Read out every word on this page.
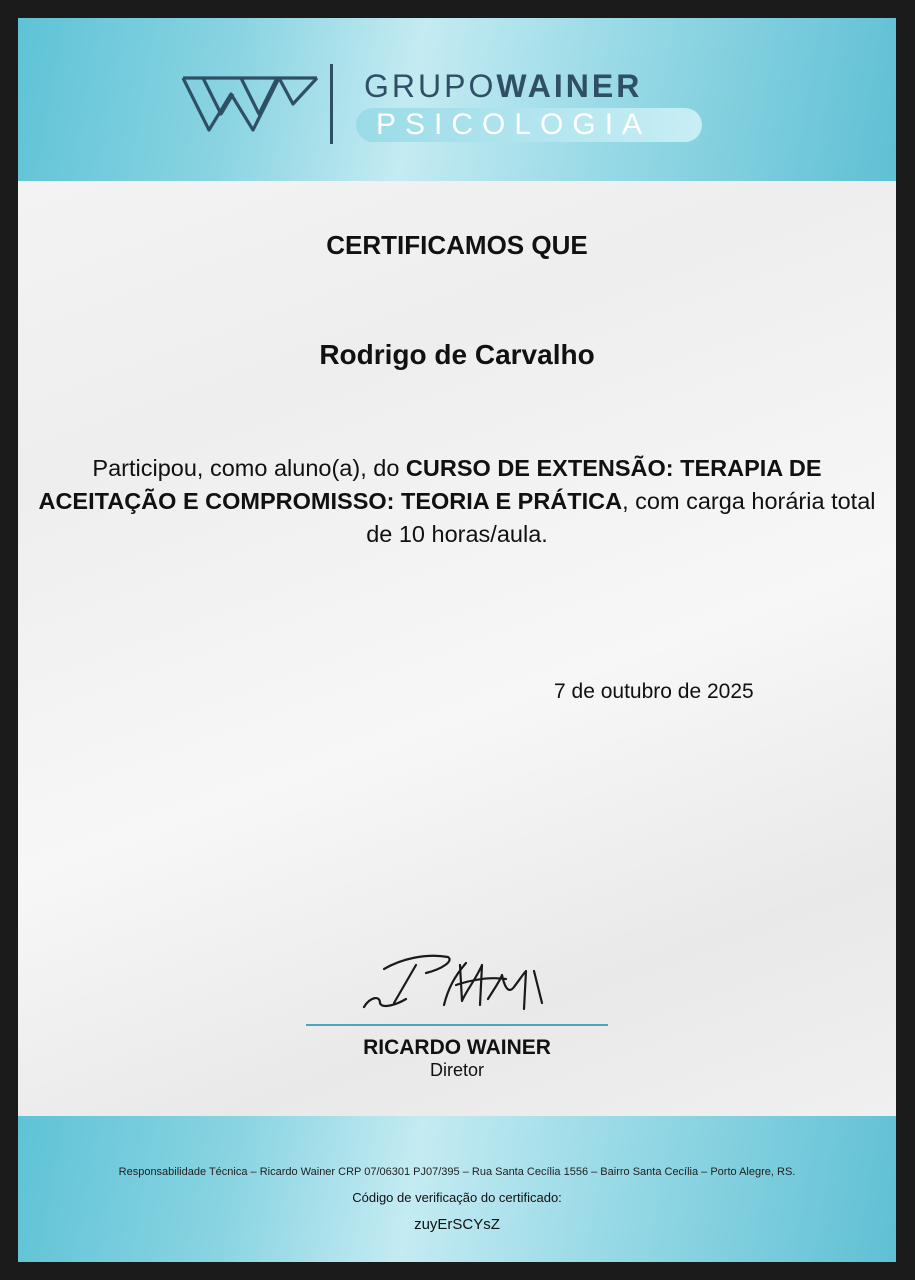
GRUPOWAINER
PSICOLOGIA
CERTIFICAMOS QUE
Rodrigo de Carvalho
Participou, como aluno(a), do CURSO DE EXTENSÃO: TERAPIA DE ACEITAÇÃO E COMPROMISSO: TEORIA E PRÁTICA, com carga horária total de 10 horas/aula.
7 de outubro de 2025
RICARDO WAINER
Diretor
Responsabilidade Técnica – Ricardo Wainer CRP 07/06301 PJ07/395 – Rua Santa Cecília 1556 – Bairro Santa Cecília – Porto Alegre, RS.
Código de verificação do certificado:
zuyErSCYsZ
